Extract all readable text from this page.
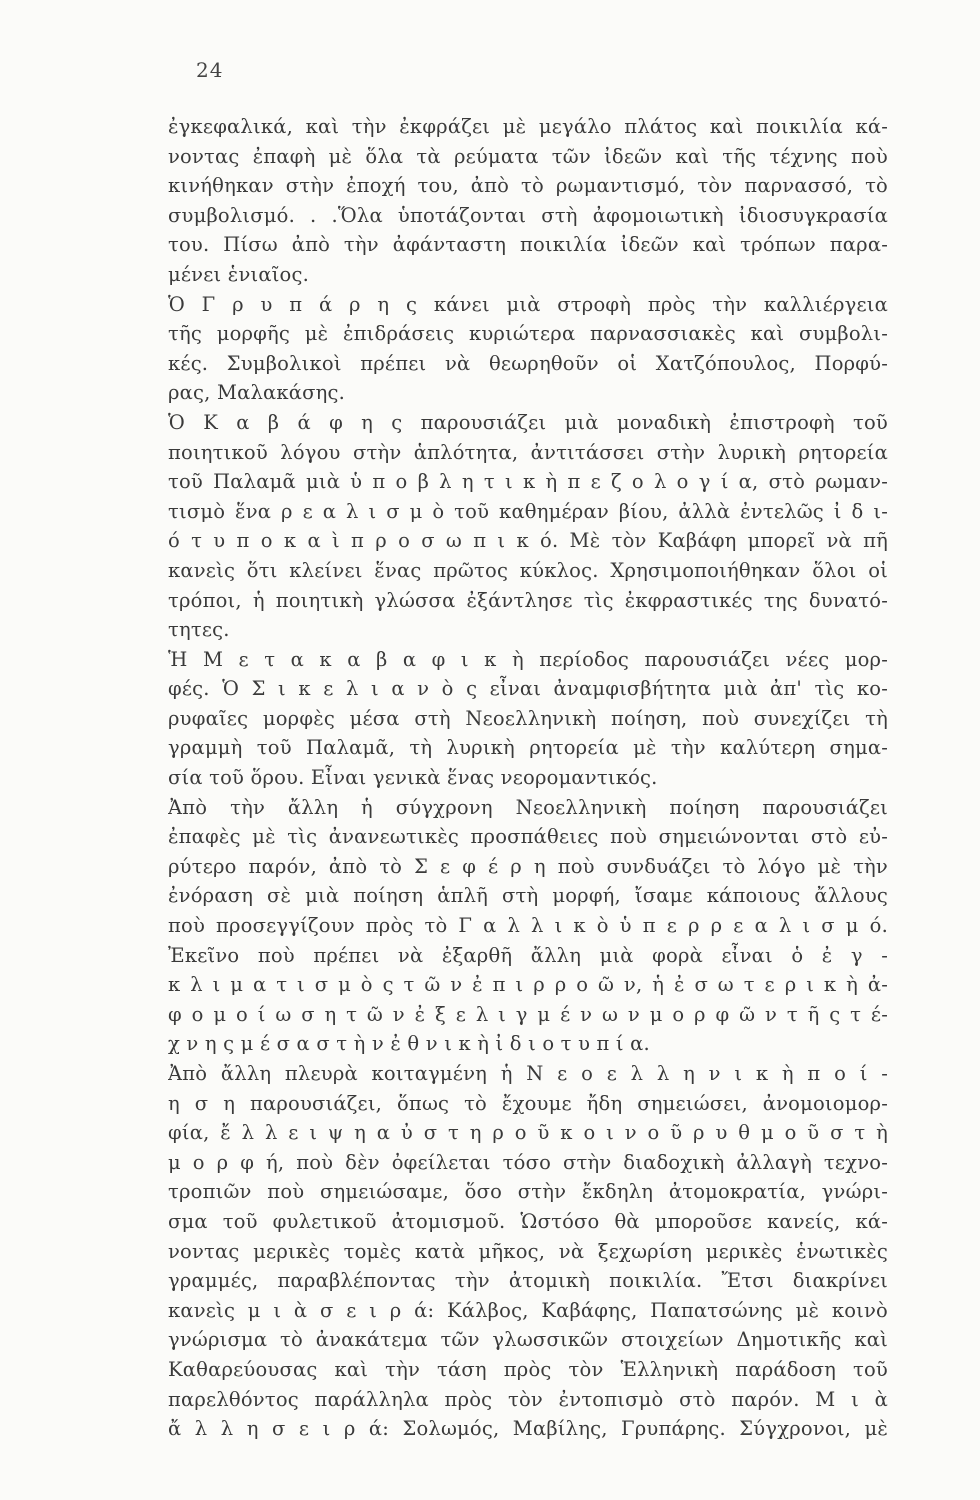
24
ἐγκεφαλικά, καὶ τὴν ἐκφράζει μὲ μεγάλο πλάτος καὶ ποικιλία κά-
νοντας ἐπαφὴ μὲ ὅλα τὰ ρεύματα τῶν ἰδεῶν καὶ τῆς τέχνης ποὺ
κινήθηκαν στὴν ἐποχή του, ἀπὸ τὸ ρωμαντισμό, τὸν παρνασσό, τὸ
συμβολισμό. . .Ὅλα ὑποτάζονται στὴ ἀφομοιωτικὴ ἰδιοσυγκρασία
του. Πίσω ἀπὸ τὴν ἀφάνταστη ποικιλία ἰδεῶν καὶ τρόπων παρα-
μένει ἑνιαῖος.
Ὁ Γ ρ υ π ά ρ η ς κάνει μιὰ στροφὴ πρὸς τὴν καλλιέργεια
τῆς μορφῆς μὲ ἐπιδράσεις κυριώτερα παρνασσιακὲς καὶ συμβολι-
κές. Συμβολικοὶ πρέπει νὰ θεωρηθοῦν οἱ Χατζόπουλος, Πορφύ-
ρας, Μαλακάσης.
Ὁ Κ α β ά φ η ς παρουσιάζει μιὰ μοναδικὴ ἐπιστροφὴ τοῦ
ποιητικοῦ λόγου στὴν ἁπλότητα, ἀντιτάσσει στὴν λυρικὴ ρητορεία
τοῦ Παλαμᾶ μιὰ ὑ π ο β λ η τ ι κ ὴ π ε ζ ο λ ο γ ί α, στὸ ρωμαν-
τισμὸ ἕνα ρ ε α λ ι σ μ ὸ τοῦ καθημέραν βίου, ἀλλὰ ἐντελῶς ἰ δ ι-
ό τ υ π ο κ α ὶ π ρ ο σ ω π ι κ ό. Μὲ τὸν Καβάφη μπορεῖ νὰ πῆ
κανεὶς ὅτι κλείνει ἕνας πρῶτος κύκλος. Χρησιμοποιήθηκαν ὅλοι οἱ
τρόποι, ἡ ποιητικὴ γλώσσα ἐξάντλησε τὶς ἐκφραστικές της δυνατό-
τητες.
Ἡ Μ ε τ α κ α β α φ ι κ ὴ περίοδος παρουσιάζει νέες μορ-
φές. Ὁ Σ ι κ ε λ ι α ν ὸ ς εἶναι ἀναμφισβήτητα μιὰ ἀπ' τὶς κο-
ρυφαῖες μορφὲς μέσα στὴ Νεοελληνικὴ ποίηση, ποὺ συνεχίζει τὴ
γραμμὴ τοῦ Παλαμᾶ, τὴ λυρικὴ ρητορεία μὲ τὴν καλύτερη σημα-
σία τοῦ ὅρου. Εἶναι γενικὰ ἕνας νεορομαντικός.
Ἀπὸ τὴν ἄλλη ἡ σύγχρονη Νεοελληνικὴ ποίηση παρουσιάζει
ἐπαφὲς μὲ τὶς ἀνανεωτικὲς προσπάθειες ποὺ σημειώνονται στὸ εὐ-
ρύτερο παρόν, ἀπὸ τὸ Σ ε φ έ ρ η ποὺ συνδυάζει τὸ λόγο μὲ τὴν
ἐνόραση σὲ μιὰ ποίηση ἁπλῆ στὴ μορφή, ἴσαμε κάποιους ἄλλους
ποὺ προσεγγίζουν πρὸς τὸ Γ α λ λ ι κ ὸ ὑ π ε ρ ρ ε α λ ι σ μ ό.
Ἐκεῖνο ποὺ πρέπει νὰ ἐξαρθῆ ἄλλη μιὰ φορὰ εἶναι ὁ ἐ γ -
κ λ ι μ α τ ι σ μ ὸ ς τ ῶ ν ἐ π ι ρ ρ ο ῶ ν, ἡ ἐ σ ω τ ε ρ ι κ ὴ ἀ-
φ ο μ ο ί ω σ η τ ῶ ν ἐ ξ ε λ ι γ μ έ ν ω ν μ ο ρ φ ῶ ν τ ῆ ς τ έ-
χ ν η ς μ έ σ α σ τ ὴ ν ἐ θ ν ι κ ὴ ἰ δ ι ο τ υ π ί α.
Ἀπὸ ἄλλη πλευρὰ κοιταγμένη ἡ Ν ε ο ε λ λ η ν ι κ ὴ π ο ί -
η σ η παρουσιάζει, ὅπως τὸ ἔχουμε ἤδη σημειώσει, ἀνομοιομορ-
φία, ἔ λ λ ε ι ψ η α ὐ σ τ η ρ ο ῦ κ ο ι ν ο ῦ ρ υ θ μ ο ῦ σ τ ὴ
μ ο ρ φ ή, ποὺ δὲν ὀφείλεται τόσο στὴν διαδοχικὴ ἀλλαγὴ τεχνο-
τροπιῶν ποὺ σημειώσαμε, ὅσο στὴν ἔκδηλη ἀτομοκρατία, γνώρι-
σμα τοῦ φυλετικοῦ ἀτομισμοῦ. Ὡστόσο θὰ μποροῦσε κανείς, κά-
νοντας μερικὲς τομὲς κατὰ μῆκος, νὰ ξεχωρίση μερικὲς ἑνωτικὲς
γραμμές, παραβλέποντας τὴν ἀτομικὴ ποικιλία. Ἔτσι διακρίνει
κανεὶς μ ι ὰ σ ε ι ρ ά: Κάλβος, Καβάφης, Παπατσώνης μὲ κοινὸ
γνώρισμα τὸ ἀνακάτεμα τῶν γλωσσικῶν στοιχείων Δημοτικῆς καὶ
Καθαρεύουσας καὶ τὴν τάση πρὸς τὸν Ἑλληνικὴ παράδοση τοῦ
παρελθόντος παράλληλα πρὸς τὸν ἐντοπισμὸ στὸ παρόν. Μ ι ὰ
ἄ λ λ η σ ε ι ρ ά: Σολωμός, Μαβίλης, Γρυπάρης. Σύγχρονοι, μὲ
